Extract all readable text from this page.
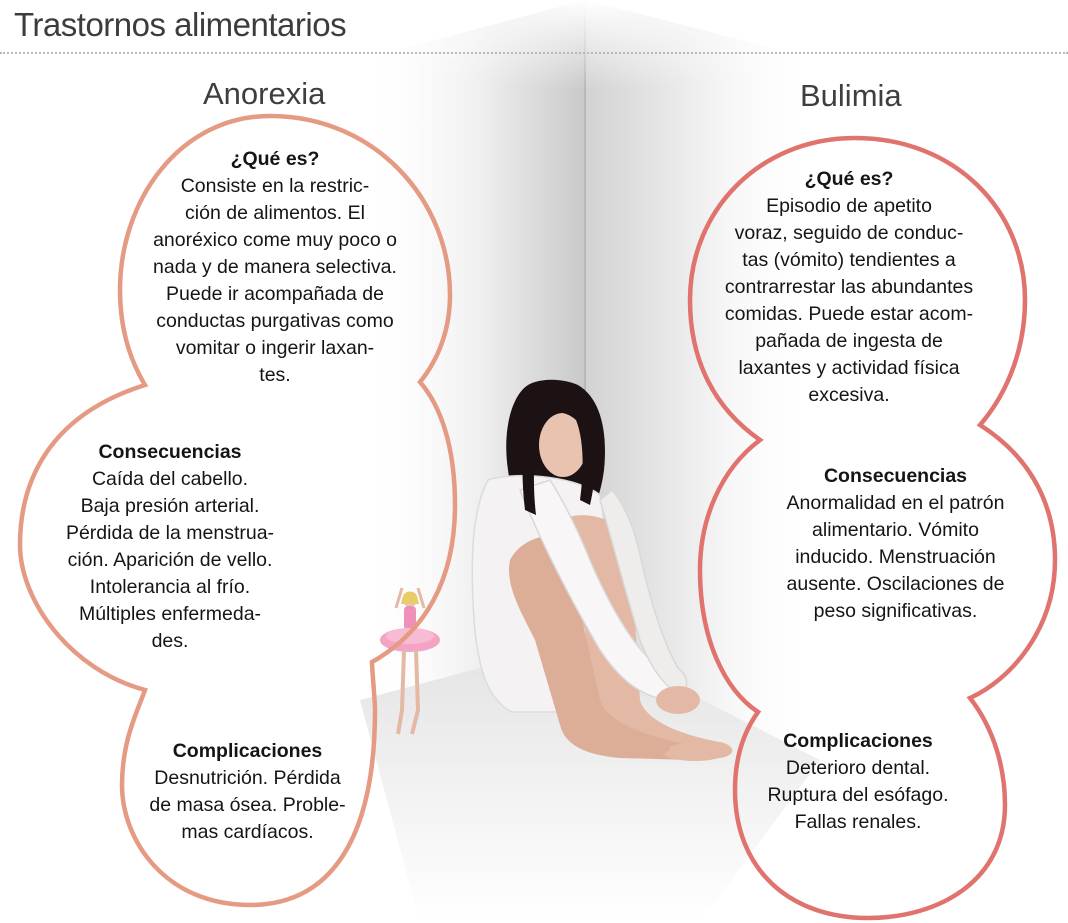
Trastornos alimentarios
Anorexia	Bulimia
¿Qué es?
Consiste en la restric-
ción de alimentos. El
anoréxico come muy poco o
nada y de manera selectiva.
Puede ir acompañada de
conductas purgativas como
vomitar o ingerir laxan-
tes.
Consecuencias
Caída del cabello.
Baja presión arterial.
Pérdida de la menstrua-
ción. Aparición de vello.
Intolerancia al frío.
Múltiples enfermeda-
des.
Complicaciones
Desnutrición. Pérdida
de masa ósea. Proble-
mas cardíacos.
¿Qué es?
Episodio de apetito
voraz, seguido de conduc-
tas (vómito) tendientes a
contrarrestar las abundantes
comidas. Puede estar acom-
pañada de ingesta de
laxantes y actividad física
excesiva.
Consecuencias
Anormalidad en el patrón
alimentario. Vómito
inducido. Menstruación
ausente. Oscilaciones de
peso significativas.
Complicaciones
Deterioro dental.
Ruptura del esófago.
Fallas renales.
